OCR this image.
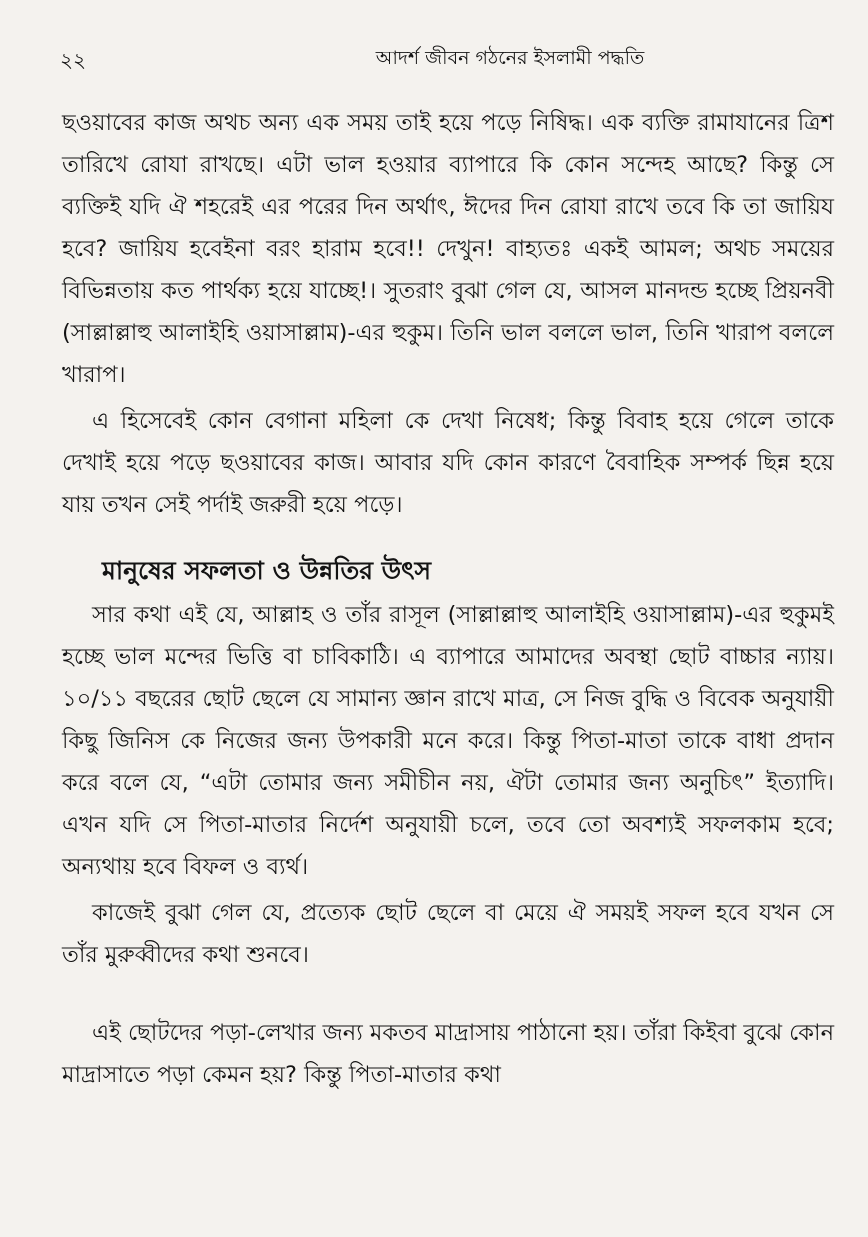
২২	আদর্শ জীবন গঠনের ইসলামী পদ্ধতি

ছওয়াবের কাজ অথচ অন্য এক সময় তাই হয়ে পড়ে নিষিদ্ধ। এক ব্যক্তি রামাযানের ত্রিশ তারিখে রোযা রাখছে। এটা ভাল হওয়ার ব্যাপারে কি কোন সন্দেহ আছে? কিন্তু সে ব্যক্তিই যদি ঐ শহরেই এর পরের দিন অর্থাৎ, ঈদের দিন রোযা রাখে তবে কি তা জায়িয হবে? জায়িয হবেইনা বরং হারাম হবে!! দেখুন! বাহ্যতঃ একই আমল; অথচ সময়ের বিভিন্নতায় কত পার্থক্য হয়ে যাচ্ছে!। সুতরাং বুঝা গেল যে, আসল মানদন্ড হচ্ছে প্রিয়নবী (সাল্লাল্লাহু আলাইহি ওয়াসাল্লাম)-এর হুকুম। তিনি ভাল বললে ভাল, তিনি খারাপ বললে খারাপ।

এ হিসেবেই কোন বেগানা মহিলা কে দেখা নিষেধ; কিন্তু বিবাহ হয়ে গেলে তাকে দেখাই হয়ে পড়ে ছওয়াবের কাজ। আবার যদি কোন কারণে বৈবাহিক সম্পর্ক ছিন্ন হয়ে যায় তখন সেই পর্দাই জরুরী হয়ে পড়ে।

মানুষের সফলতা ও উন্নতির উৎস

সার কথা এই যে, আল্লাহ ও তাঁর রাসূল (সাল্লাল্লাহু আলাইহি ওয়াসাল্লাম)-এর হুকুমই হচ্ছে ভাল মন্দের ভিত্তি বা চাবিকাঠি। এ ব্যাপারে আমাদের অবস্থা ছোট বাচ্চার ন্যায়। ১০/১১ বছরের ছোট ছেলে যে সামান্য জ্ঞান রাখে মাত্র, সে নিজ বুদ্ধি ও বিবেক অনুযায়ী কিছু জিনিস কে নিজের জন্য উপকারী মনে করে। কিন্তু পিতা-মাতা তাকে বাধা প্রদান করে বলে যে, “এটা তোমার জন্য সমীচীন নয়, ঐটা তোমার জন্য অনুচিৎ” ইত্যাদি। এখন যদি সে পিতা-মাতার নির্দেশ অনুযায়ী চলে, তবে তো অবশ্যই সফলকাম হবে; অন্যথায় হবে বিফল ও ব্যর্থ।

কাজেই বুঝা গেল যে, প্রত্যেক ছোট ছেলে বা মেয়ে ঐ সময়ই সফল হবে যখন সে তাঁর মুরুব্বীদের কথা শুনবে।

এই ছোটদের পড়া-লেখার জন্য মকতব মাদ্রাসায় পাঠানো হয়। তাঁরা কিইবা বুঝে কোন মাদ্রাসাতে পড়া কেমন হয়? কিন্তু পিতা-মাতার কথা
